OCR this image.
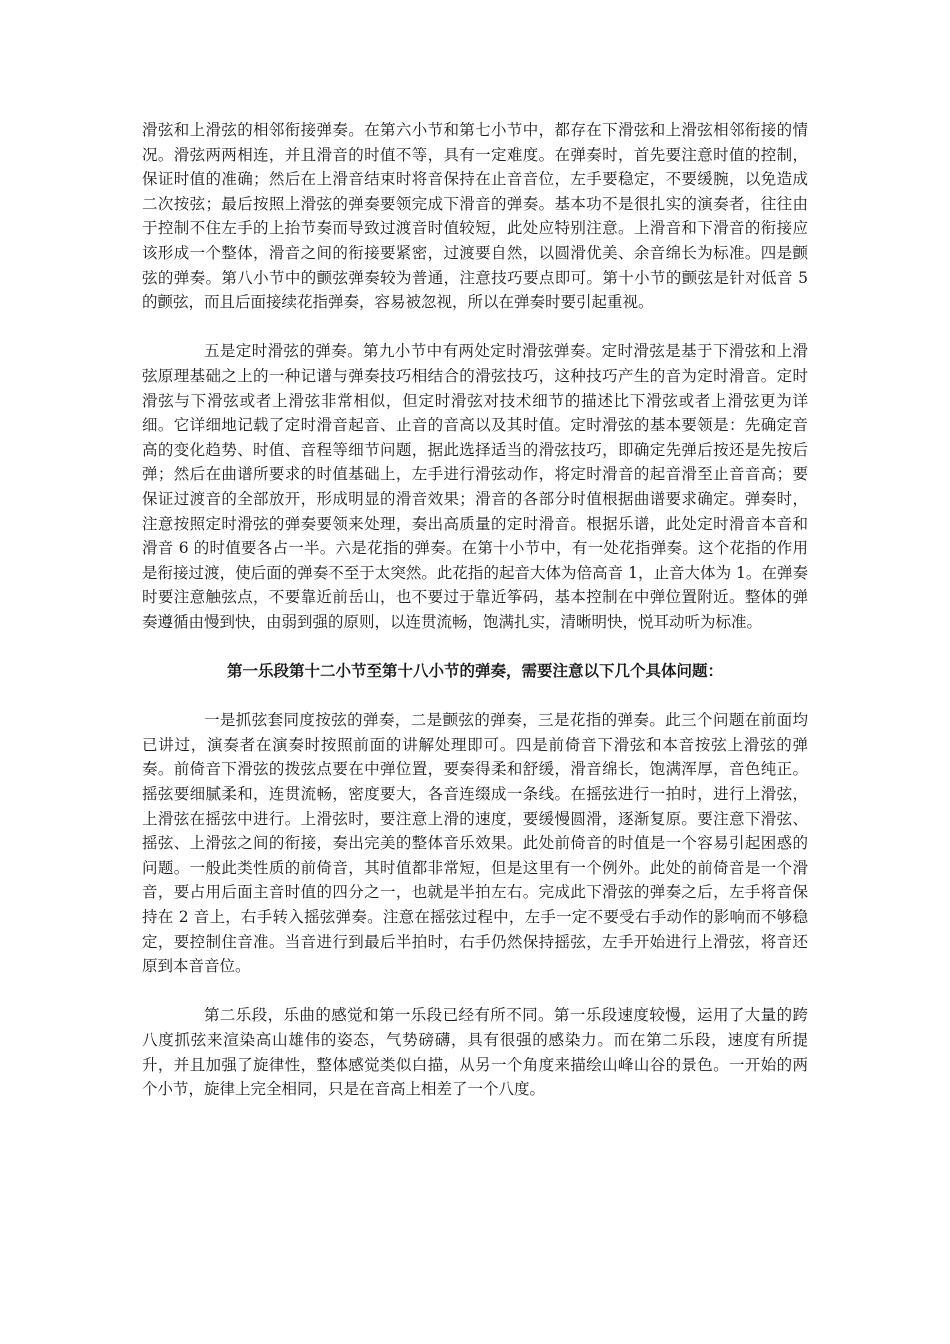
滑弦和上滑弦的相邻衔接弹奏。在第六小节和第七小节中，都存在下滑弦和上滑弦相邻衔接的情况。滑弦两两相连，并且滑音的时值不等，具有一定难度。在弹奏时，首先要注意时值的控制，保证时值的准确；然后在上滑音结束时将音保持在止音音位，左手要稳定，不要缓腕，以免造成二次按弦；最后按照上滑弦的弹奏要领完成下滑音的弹奏。基本功不是很扎实的演奏者，往往由于控制不住左手的上抬节奏而导致过渡音时值较短，此处应特别注意。上滑音和下滑音的衔接应该形成一个整体，滑音之间的衔接要紧密，过渡要自然，以圆滑优美、余音绵长为标准。四是颤弦的弹奏。第八小节中的颤弦弹奏较为普通，注意技巧要点即可。第十小节的颤弦是针对低音 5 的颤弦，而且后面接续花指弹奏，容易被忽视，所以在弹奏时要引起重视。

五是定时滑弦的弹奏。第九小节中有两处定时滑弦弹奏。定时滑弦是基于下滑弦和上滑弦原理基础之上的一种记谱与弹奏技巧相结合的滑弦技巧，这种技巧产生的音为定时滑音。定时滑弦与下滑弦或者上滑弦非常相似，但定时滑弦对技术细节的描述比下滑弦或者上滑弦更为详细。它详细地记载了定时滑音起音、止音的音高以及其时值。定时滑弦的基本要领是：先确定音高的变化趋势、时值、音程等细节问题，据此选择适当的滑弦技巧，即确定先弹后按还是先按后弹；然后在曲谱所要求的时值基础上，左手进行滑弦动作，将定时滑音的起音滑至止音音高；要保证过渡音的全部放开，形成明显的滑音效果；滑音的各部分时值根据曲谱要求确定。弹奏时，注意按照定时滑弦的弹奏要领来处理，奏出高质量的定时滑音。根据乐谱，此处定时滑音本音和滑音 6 的时值要各占一半。六是花指的弹奏。在第十小节中，有一处花指弹奏。这个花指的作用是衔接过渡，使后面的弹奏不至于太突然。此花指的起音大体为倍高音 1，止音大体为 1。在弹奏时要注意触弦点，不要靠近前岳山，也不要过于靠近筝码，基本控制在中弹位置附近。整体的弹奏遵循由慢到快，由弱到强的原则，以连贯流畅，饱满扎实，清晰明快，悦耳动听为标准。

第一乐段第十二小节至第十八小节的弹奏，需要注意以下几个具体问题：

一是抓弦套同度按弦的弹奏，二是颤弦的弹奏，三是花指的弹奏。此三个问题在前面均已讲过，演奏者在演奏时按照前面的讲解处理即可。四是前倚音下滑弦和本音按弦上滑弦的弹奏。前倚音下滑弦的拨弦点要在中弹位置，要奏得柔和舒缓，滑音绵长，饱满浑厚，音色纯正。摇弦要细腻柔和，连贯流畅，密度要大，各音连缀成一条线。在摇弦进行一拍时，进行上滑弦，上滑弦在摇弦中进行。上滑弦时，要注意上滑的速度，要缓慢圆滑，逐渐复原。要注意下滑弦、摇弦、上滑弦之间的衔接，奏出完美的整体音乐效果。此处前倚音的时值是一个容易引起困惑的问题。一般此类性质的前倚音，其时值都非常短，但是这里有一个例外。此处的前倚音是一个滑音，要占用后面主音时值的四分之一，也就是半拍左右。完成此下滑弦的弹奏之后，左手将音保持在 2 音上，右手转入摇弦弹奏。注意在摇弦过程中，左手一定不要受右手动作的影响而不够稳定，要控制住音准。当音进行到最后半拍时，右手仍然保持摇弦，左手开始进行上滑弦，将音还原到本音音位。

第二乐段，乐曲的感觉和第一乐段已经有所不同。第一乐段速度较慢，运用了大量的跨八度抓弦来渲染高山雄伟的姿态，气势磅礴，具有很强的感染力。而在第二乐段，速度有所提升，并且加强了旋律性，整体感觉类似白描，从另一个角度来描绘山峰山谷的景色。一开始的两个小节，旋律上完全相同，只是在音高上相差了一个八度。
